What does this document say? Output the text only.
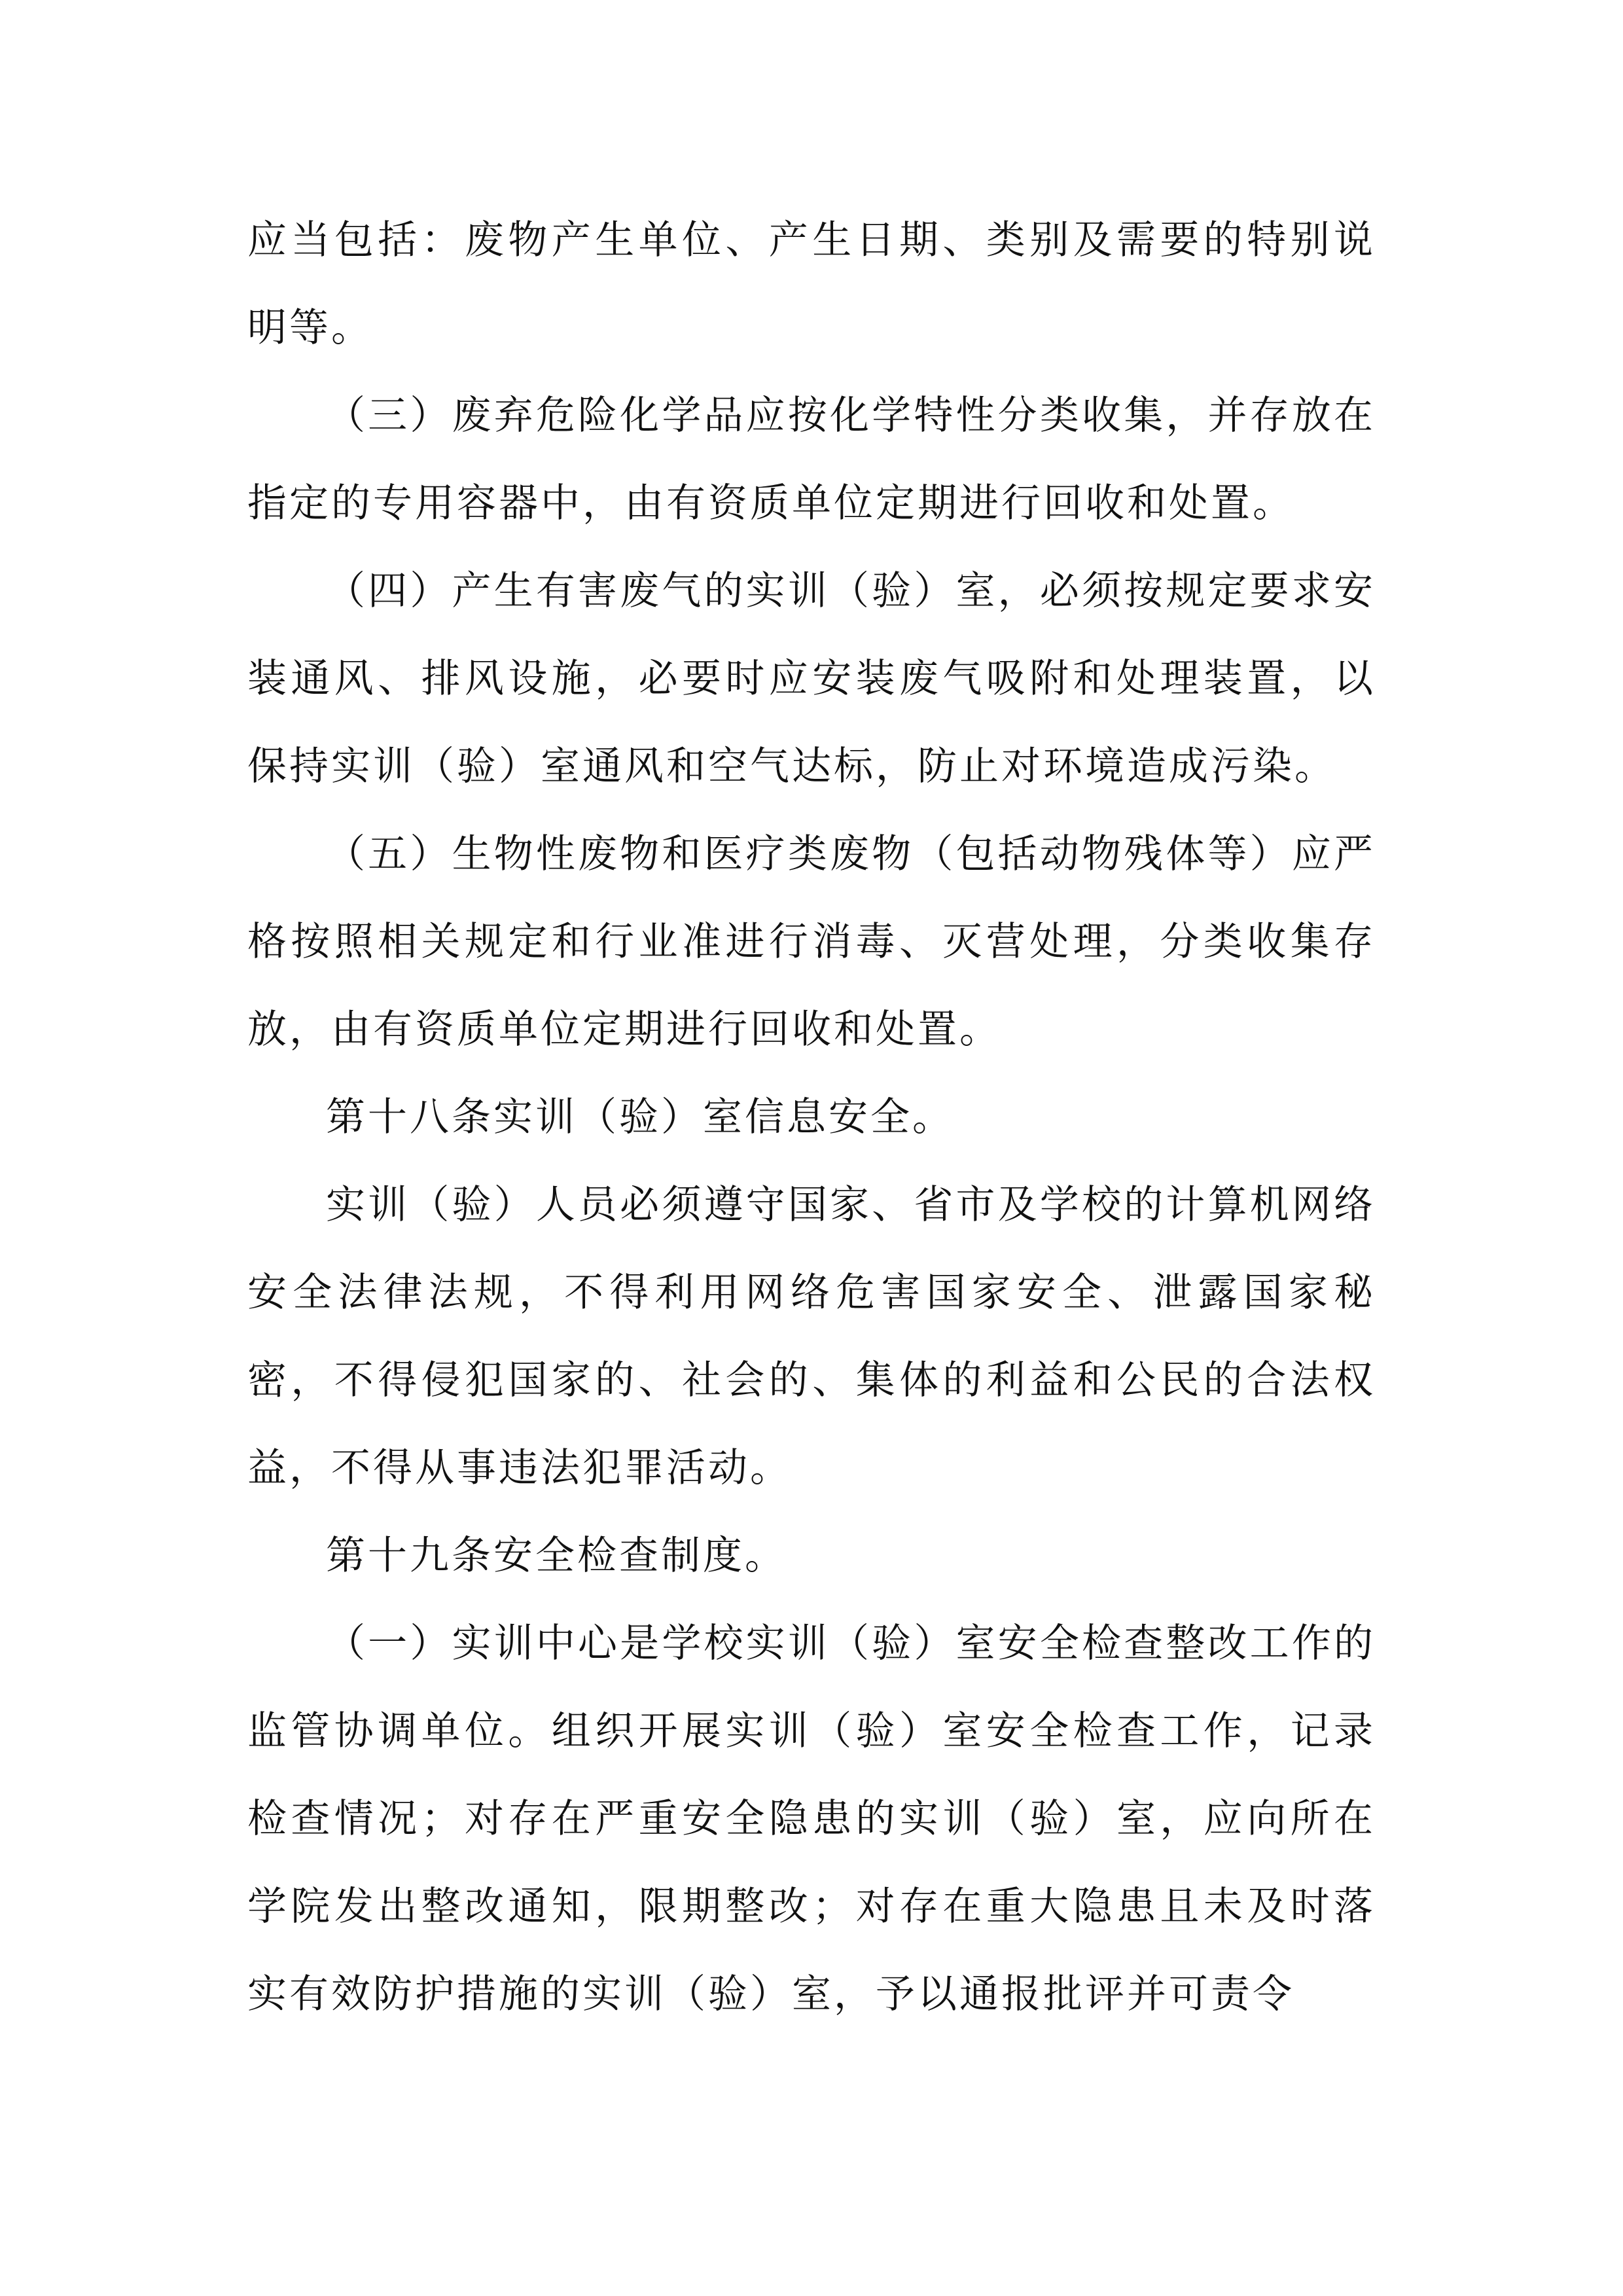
应当包括：废物产生单位、产生日期、类别及需要的特别说明等。

（三）废弃危险化学品应按化学特性分类收集，并存放在指定的专用容器中，由有资质单位定期进行回收和处置。

（四）产生有害废气的实训（验）室，必须按规定要求安装通风、排风设施，必要时应安装废气吸附和处理装置，以保持实训（验）室通风和空气达标，防止对环境造成污染。

（五）生物性废物和医疗类废物（包括动物残体等）应严格按照相关规定和行业准进行消毒、灭营处理，分类收集存放，由有资质单位定期进行回收和处置。

第十八条实训（验）室信息安全。

实训（验）人员必须遵守国家、省市及学校的计算机网络安全法律法规，不得利用网络危害国家安全、泄露国家秘密，不得侵犯国家的、社会的、集体的利益和公民的合法权益，不得从事违法犯罪活动。

第十九条安全检查制度。

（一）实训中心是学校实训（验）室安全检查整改工作的监管协调单位。组织开展实训（验）室安全检查工作，记录检查情况；对存在严重安全隐患的实训（验）室，应向所在学院发出整改通知，限期整改；对存在重大隐患且未及时落实有效防护措施的实训（验）室，予以通报批评并可责令
